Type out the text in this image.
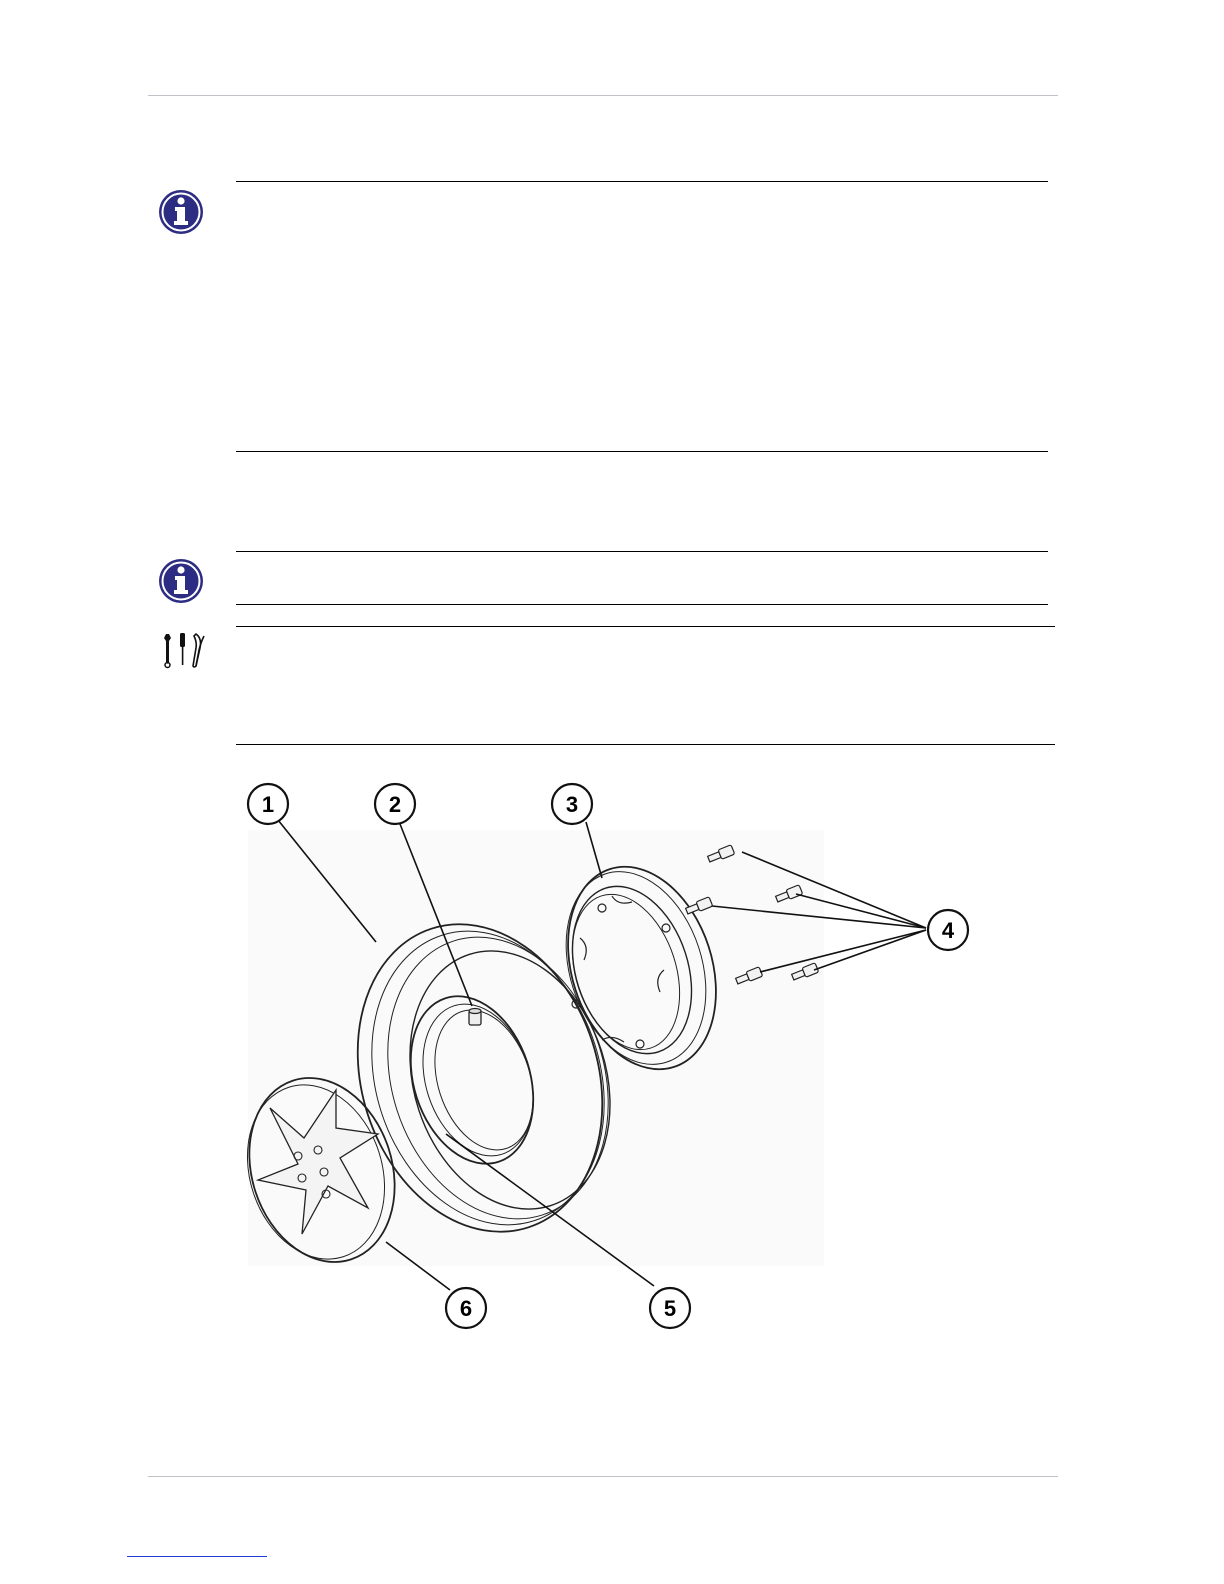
1	2	3
4
5
6
